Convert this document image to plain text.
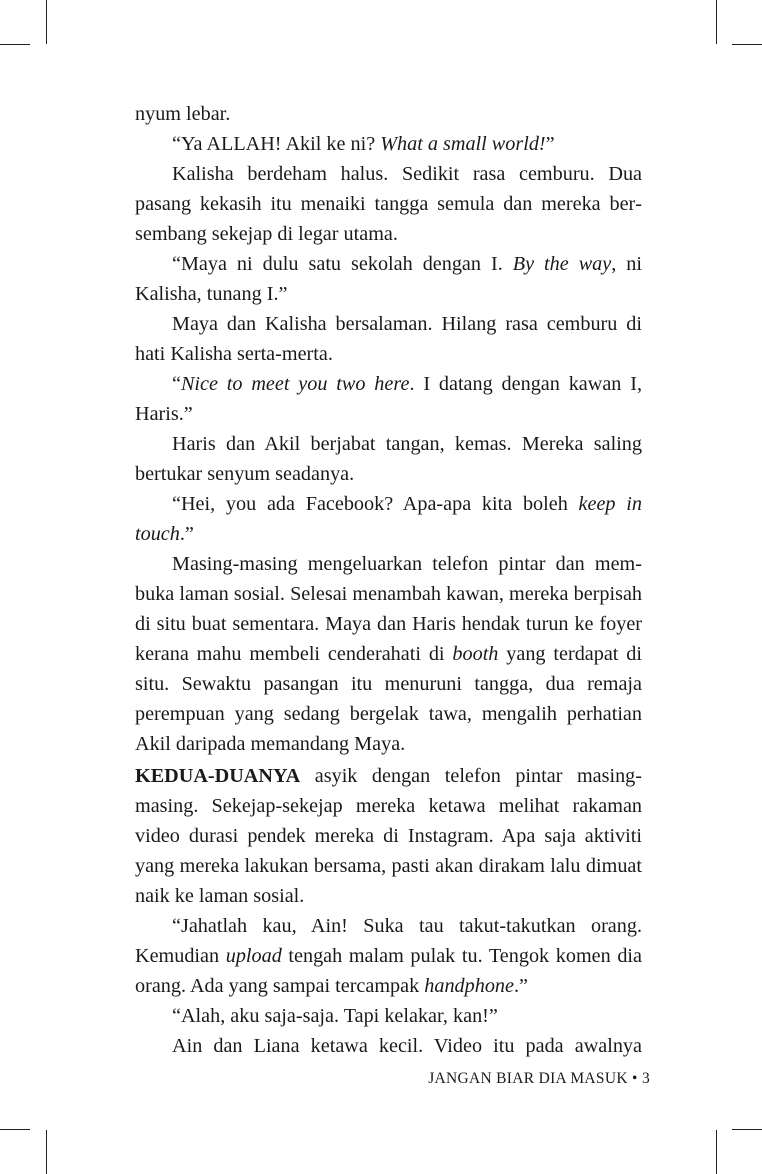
nyum lebar.

“Ya ALLAH! Akil ke ni? What a small world!”

Kalisha berdeham halus. Sedikit rasa cemburu. Dua pasang kekasih itu menaiki tangga semula dan mereka bersembang sekejap di legar utama.

“Maya ni dulu satu sekolah dengan I. By the way, ni Kalisha, tunang I.”

Maya dan Kalisha bersalaman. Hilang rasa cemburu di hati Kalisha serta-merta.

“Nice to meet you two here. I datang dengan kawan I, Haris.”

Haris dan Akil berjabat tangan, kemas. Mereka saling bertukar senyum seadanya.

“Hei, you ada Facebook? Apa-apa kita boleh keep in touch.”

Masing-masing mengeluarkan telefon pintar dan membuka laman sosial. Selesai menambah kawan, mereka berpisah di situ buat sementara. Maya dan Haris hendak turun ke foyer kerana mahu membeli cenderahati di booth yang terdapat di situ. Sewaktu pasangan itu menuruni tangga, dua remaja perempuan yang sedang bergelak tawa, mengalih perhatian Akil daripada memandang Maya.

KEDUA-DUANYA asyik dengan telefon pintar masing-masing. Sekejap-sekejap mereka ketawa melihat rakaman video durasi pendek mereka di Instagram. Apa saja aktiviti yang mereka lakukan bersama, pasti akan dirakam lalu dimuat naik ke laman sosial.

“Jahatlah kau, Ain! Suka tau takut-takutkan orang. Kemudian upload tengah malam pulak tu. Tengok komen dia orang. Ada yang sampai tercampak handphone.”

“Alah, aku saja-saja. Tapi kelakar, kan!”

Ain dan Liana ketawa kecil. Video itu pada awalnya

JANGAN BIAR DIA MASUK • 3
